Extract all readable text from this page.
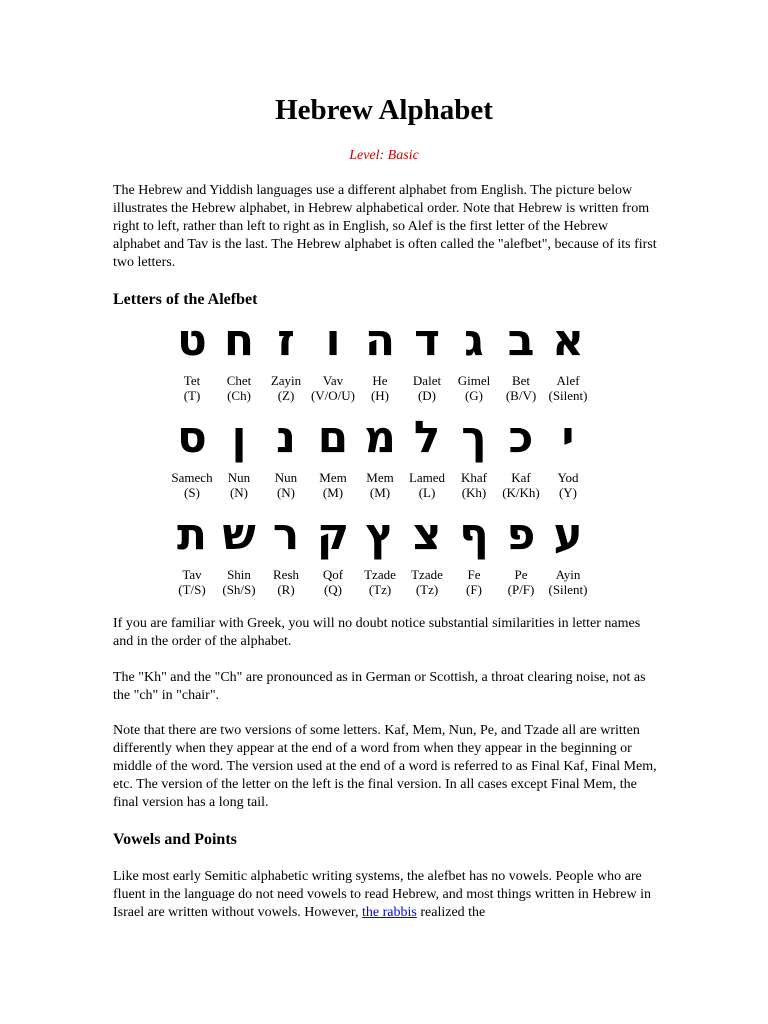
Hebrew Alphabet
Level: Basic

The Hebrew and Yiddish languages use a different alphabet from English. The picture below illustrates the Hebrew alphabet, in Hebrew alphabetical order. Note that Hebrew is written from right to left, rather than left to right as in English, so Alef is the first letter of the Hebrew alphabet and Tav is the last. The Hebrew alphabet is often called the "alefbet", because of its first two letters.

Letters of the Alefbet
ט
Tet
(T)
ח
Chet
(Ch)
ז
Zayin
(Z)
ו
Vav
(V/O/U)
ה
He
(H)
ד
Dalet
(D)
ג
Gimel
(G)
ב
Bet
(B/V)
א
Alef
(Silent)
ס
Samech
(S)
ן
Nun
(N)
נ
Nun
(N)
ם
Mem
(M)
מ
Mem
(M)
ל
Lamed
(L)
ך
Khaf
(Kh)
כ
Kaf
(K/Kh)
י
Yod
(Y)
ת
Tav
(T/S)
ש
Shin
(Sh/S)
ר
Resh
(R)
ק
Qof
(Q)
ץ
Tzade
(Tz)
צ
Tzade
(Tz)
ף
Fe
(F)
פ
Pe
(P/F)
ע
Ayin
(Silent)

If you are familiar with Greek, you will no doubt notice substantial similarities in letter names and in the order of the alphabet.

The "Kh" and the "Ch" are pronounced as in German or Scottish, a throat clearing noise, not as the "ch" in "chair".

Note that there are two versions of some letters. Kaf, Mem, Nun, Pe, and Tzade all are written differently when they appear at the end of a word from when they appear in the beginning or middle of the word. The version used at the end of a word is referred to as Final Kaf, Final Mem, etc. The version of the letter on the left is the final version. In all cases except Final Mem, the final version has a long tail.

Vowels and Points

Like most early Semitic alphabetic writing systems, the alefbet has no vowels. People who are fluent in the language do not need vowels to read Hebrew, and most things written in Hebrew in Israel are written without vowels. However, the rabbis realized the
